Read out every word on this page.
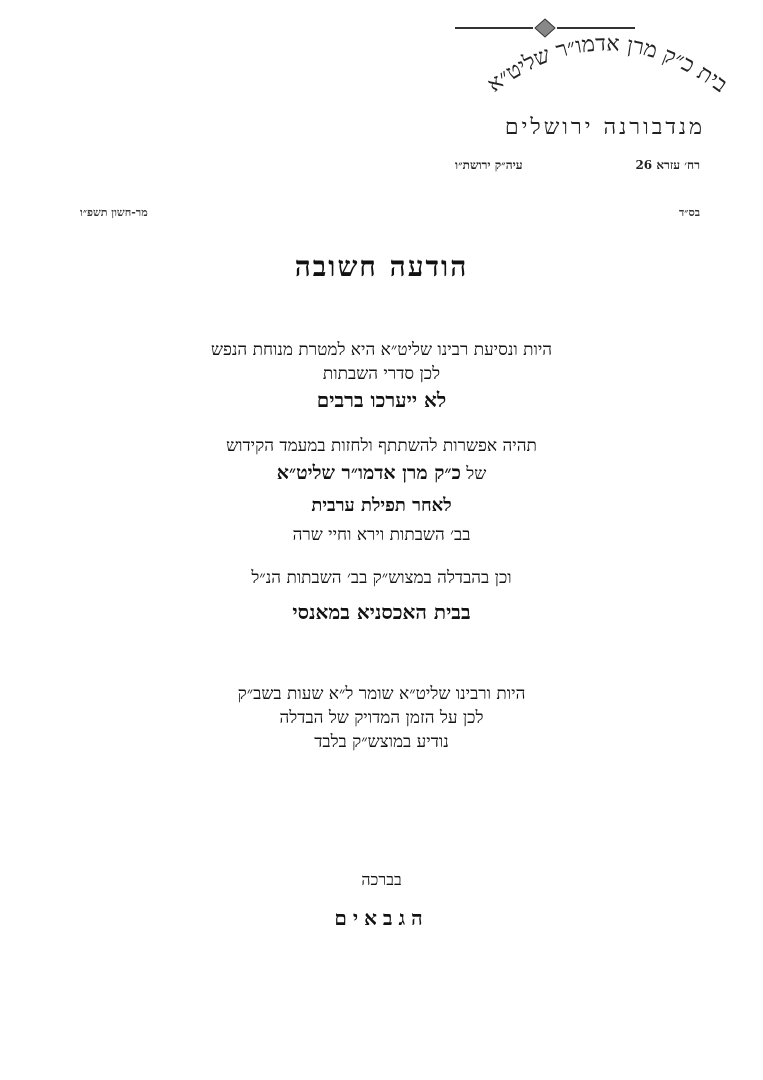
בית כ״ק מרן אדמו״ר שליט״א
מנדבורנה ירושלים
רח׳ עזרא 26
עיה״ק ירושת״ו
בס״ד
מר-חשון תשפ״ו
הודעה חשובה
היות ונסיעת רבינו שליט״א היא למטרת מנוחת הנפש
לכן סדרי השבתות
לא ייערכו ברבים
תהיה אפשרות להשתתף ולחזות במעמד הקידוש
של כ״ק מרן אדמו״ר שליט״א
לאחר תפילת ערבית
בב׳ השבתות וירא וחיי שרה
וכן בהבדלה במצוש״ק בב׳ השבתות הנ״ל
בבית האכסניא במאנסי
היות ורבינו שליט״א שומר ל״א שעות בשב״ק
לכן על הזמן המדויק של הבדלה
נודיע במוצש״ק בלבד
בברכה
הגבאים
